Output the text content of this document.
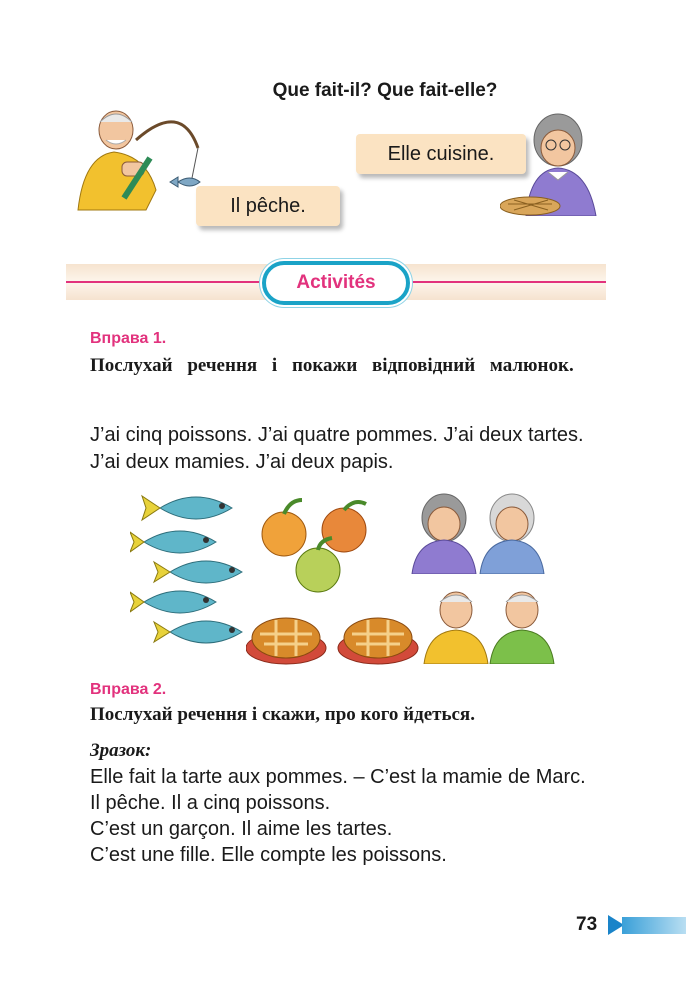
Que fait-il? Que fait-elle?
Elle cuisine.
Il pêche.
Activités
Вправа 1.
Послухай речення і покажи відповідний малюнок.
J’ai cinq poissons. J’ai quatre pommes. J’ai deux tartes. J’ai deux mamies. J’ai deux papis.
Вправа 2.
Послухай речення і скажи, про кого йдеться.
Зразок:
Elle fait la tarte aux pommes. – C’est la mamie de Marc.
Il pêche. Il a cinq poissons.
C’est un garçon. Il aime les tartes.
C’est une fille. Elle compte les poissons.
73
